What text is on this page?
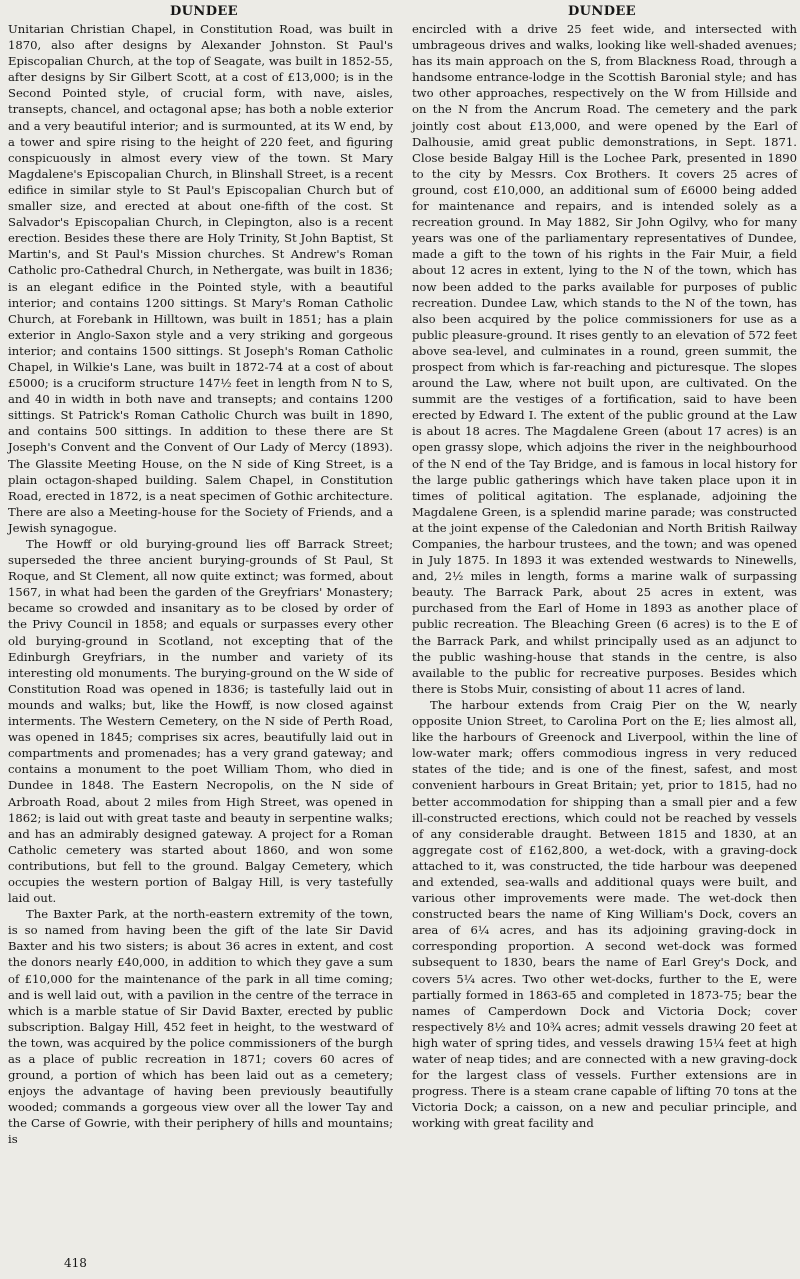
DUNDEE	DUNDEE

Unitarian Christian Chapel, in Constitution Road, was built in 1870, also after designs by Alexander Johnston. St Paul's Episcopalian Church, at the top of Seagate, was built in 1852-55, after designs by Sir Gilbert Scott, at a cost of £13,000; is in the Second Pointed style, of crucial form, with nave, aisles, transepts, chancel, and octagonal apse; has both a noble exterior and a very beautiful interior; and is surmounted, at its W end, by a tower and spire rising to the height of 220 feet, and figuring conspicuously in almost every view of the town. St Mary Magdalene's Episcopalian Church, in Blinshall Street, is a recent edifice in similar style to St Paul's Episcopalian Church but of smaller size, and erected at about one-fifth of the cost. St Salvador's Episcopalian Church, in Clepington, also is a recent erection. Besides these there are Holy Trinity, St John Baptist, St Martin's, and St Paul's Mission churches. St Andrew's Roman Catholic pro-Cathedral Church, in Nethergate, was built in 1836; is an elegant edifice in the Pointed style, with a beautiful interior; and contains 1200 sittings. St Mary's Roman Catholic Church, at Forebank in Hilltown, was built in 1851; has a plain exterior in Anglo-Saxon style and a very striking and gorgeous interior; and contains 1500 sittings. St Joseph's Roman Catholic Chapel, in Wilkie's Lane, was built in 1872-74 at a cost of about £5000; is a cruciform structure 147½ feet in length from N to S, and 40 in width in both nave and transepts; and contains 1200 sittings. St Patrick's Roman Catholic Church was built in 1890, and contains 500 sittings. In addition to these there are St Joseph's Convent and the Convent of Our Lady of Mercy (1893). The Glassite Meeting House, on the N side of King Street, is a plain octagon-shaped building. Salem Chapel, in Constitution Road, erected in 1872, is a neat specimen of Gothic architecture. There are also a Meeting-house for the Society of Friends, and a Jewish synagogue.

The Howff or old burying-ground lies off Barrack Street; superseded the three ancient burying-grounds of St Paul, St Roque, and St Clement, all now quite extinct; was formed, about 1567, in what had been the garden of the Greyfriars' Monastery; became so crowded and insanitary as to be closed by order of the Privy Council in 1858; and equals or surpasses every other old burying-ground in Scotland, not excepting that of the Edinburgh Greyfriars, in the number and variety of its interesting old monuments. The burying-ground on the W side of Constitution Road was opened in 1836; is tastefully laid out in mounds and walks; but, like the Howff, is now closed against interments. The Western Cemetery, on the N side of Perth Road, was opened in 1845; comprises six acres, beautifully laid out in compartments and promenades; has a very grand gateway; and contains a monument to the poet William Thom, who died in Dundee in 1848. The Eastern Necropolis, on the N side of Arbroath Road, about 2 miles from High Street, was opened in 1862; is laid out with great taste and beauty in serpentine walks; and has an admirably designed gateway. A project for a Roman Catholic cemetery was started about 1860, and won some contributions, but fell to the ground. Balgay Cemetery, which occupies the western portion of Balgay Hill, is very tastefully laid out.

The Baxter Park, at the north-eastern extremity of the town, is so named from having been the gift of the late Sir David Baxter and his two sisters; is about 36 acres in extent, and cost the donors nearly £40,000, in addition to which they gave a sum of £10,000 for the maintenance of the park in all time coming; and is well laid out, with a pavilion in the centre of the terrace in which is a marble statue of Sir David Baxter, erected by public subscription. Balgay Hill, 452 feet in height, to the westward of the town, was acquired by the police commissioners of the burgh as a place of public recreation in 1871; covers 60 acres of ground, a portion of which has been laid out as a cemetery; enjoys the advantage of having been previously beautifully wooded; commands a gorgeous view over all the lower Tay and the Carse of Gowrie, with their periphery of hills and mountains; is

encircled with a drive 25 feet wide, and intersected with umbrageous drives and walks, looking like well-shaded avenues; has its main approach on the S, from Blackness Road, through a handsome entrance-lodge in the Scottish Baronial style; and has two other approaches, respectively on the W from Hillside and on the N from the Ancrum Road. The cemetery and the park jointly cost about £13,000, and were opened by the Earl of Dalhousie, amid great public demonstrations, in Sept. 1871. Close beside Balgay Hill is the Lochee Park, presented in 1890 to the city by Messrs. Cox Brothers. It covers 25 acres of ground, cost £10,000, an additional sum of £6000 being added for maintenance and repairs, and is intended solely as a recreation ground. In May 1882, Sir John Ogilvy, who for many years was one of the parliamentary representatives of Dundee, made a gift to the town of his rights in the Fair Muir, a field about 12 acres in extent, lying to the N of the town, which has now been added to the parks available for purposes of public recreation. Dundee Law, which stands to the N of the town, has also been acquired by the police commissioners for use as a public pleasure-ground. It rises gently to an elevation of 572 feet above sea-level, and culminates in a round, green summit, the prospect from which is far-reaching and picturesque. The slopes around the Law, where not built upon, are cultivated. On the summit are the vestiges of a fortification, said to have been erected by Edward I. The extent of the public ground at the Law is about 18 acres. The Magdalene Green (about 17 acres) is an open grassy slope, which adjoins the river in the neighbourhood of the N end of the Tay Bridge, and is famous in local history for the large public gatherings which have taken place upon it in times of political agitation. The esplanade, adjoining the Magdalene Green, is a splendid marine parade; was constructed at the joint expense of the Caledonian and North British Railway Companies, the harbour trustees, and the town; and was opened in July 1875. In 1893 it was extended westwards to Ninewells, and, 2½ miles in length, forms a marine walk of surpassing beauty. The Barrack Park, about 25 acres in extent, was purchased from the Earl of Home in 1893 as another place of public recreation. The Bleaching Green (6 acres) is to the E of the Barrack Park, and whilst principally used as an adjunct to the public washing-house that stands in the centre, is also available to the public for recreative purposes. Besides which there is Stobs Muir, consisting of about 11 acres of land.

The harbour extends from Craig Pier on the W, nearly opposite Union Street, to Carolina Port on the E; lies almost all, like the harbours of Greenock and Liverpool, within the line of low-water mark; offers commodious ingress in very reduced states of the tide; and is one of the finest, safest, and most convenient harbours in Great Britain; yet, prior to 1815, had no better accommodation for shipping than a small pier and a few ill-constructed erections, which could not be reached by vessels of any considerable draught. Between 1815 and 1830, at an aggregate cost of £162,800, a wet-dock, with a graving-dock attached to it, was constructed, the tide harbour was deepened and extended, sea-walls and additional quays were built, and various other improvements were made. The wet-dock then constructed bears the name of King William's Dock, covers an area of 6¼ acres, and has its adjoining graving-dock in corresponding proportion. A second wet-dock was formed subsequent to 1830, bears the name of Earl Grey's Dock, and covers 5¼ acres. Two other wet-docks, further to the E, were partially formed in 1863-65 and completed in 1873-75; bear the names of Camperdown Dock and Victoria Dock; cover respectively 8½ and 10¾ acres; admit vessels drawing 20 feet at high water of spring tides, and vessels drawing 15¼ feet at high water of neap tides; and are connected with a new graving-dock for the largest class of vessels. Further extensions are in progress. There is a steam crane capable of lifting 70 tons at the Victoria Dock; a caisson, on a new and peculiar principle, and working with great facility and

418
